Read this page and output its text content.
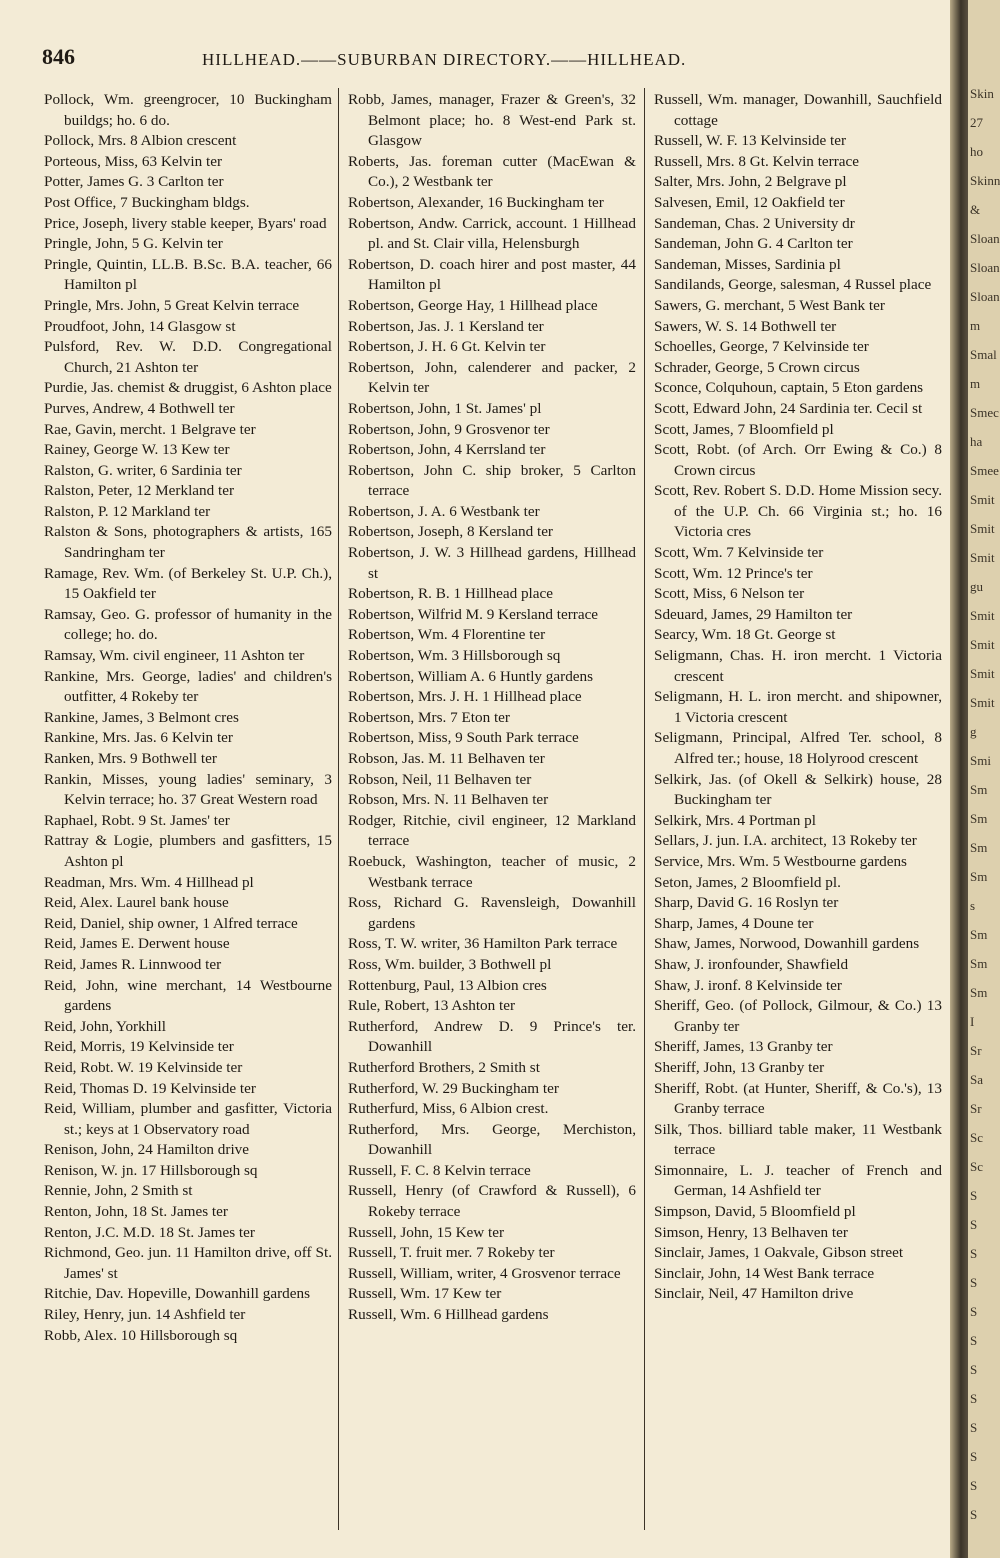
846	HILLHEAD.——SUBURBAN DIRECTORY.——HILLHEAD.
Pollock, Wm. greengrocer, 10 Buckingham buildgs; ho. 6 do.
Pollock, Mrs. 8 Albion crescent
Porteous, Miss, 63 Kelvin ter
Potter, James G. 3 Carlton ter
Post Office, 7 Buckingham bldgs.
Price, Joseph, livery stable keeper, Byars' road
Pringle, John, 5 G. Kelvin ter
Pringle, Quintin, LL.B. B.Sc. B.A. teacher, 66 Hamilton pl
Pringle, Mrs. John, 5 Great Kelvin terrace
Proudfoot, John, 14 Glasgow st
Pulsford, Rev. W. D.D. Congregational Church, 21 Ashton ter
Purdie, Jas. chemist & druggist, 6 Ashton place
Purves, Andrew, 4 Bothwell ter
Rae, Gavin, mercht. 1 Belgrave ter
Rainey, George W. 13 Kew ter
Ralston, G. writer, 6 Sardinia ter
Ralston, Peter, 12 Merkland ter
Ralston, P. 12 Markland ter
Ralston & Sons, photographers & artists, 165 Sandringham ter
Ramage, Rev. Wm. (of Berkeley St. U.P. Ch.), 15 Oakfield ter
Ramsay, Geo. G. professor of humanity in the college; ho. do.
Ramsay, Wm. civil engineer, 11 Ashton ter
Rankine, Mrs. George, ladies' and children's outfitter, 4 Rokeby ter
Rankine, James, 3 Belmont cres
Rankine, Mrs. Jas. 6 Kelvin ter
Ranken, Mrs. 9 Bothwell ter
Rankin, Misses, young ladies' seminary, 3 Kelvin terrace; ho. 37 Great Western road
Raphael, Robt. 9 St. James' ter
Rattray & Logie, plumbers and gasfitters, 15 Ashton pl
Readman, Mrs. Wm. 4 Hillhead pl
Reid, Alex. Laurel bank house
Reid, Daniel, ship owner, 1 Alfred terrace
Reid, James E. Derwent house
Reid, James R. Linnwood ter
Reid, John, wine merchant, 14 Westbourne gardens
Reid, John, Yorkhill
Reid, Morris, 19 Kelvinside ter
Reid, Robt. W. 19 Kelvinside ter
Reid, Thomas D. 19 Kelvinside ter
Reid, William, plumber and gasfitter, Victoria st.; keys at 1 Observatory road
Renison, John, 24 Hamilton drive
Renison, W. jn. 17 Hillsborough sq
Rennie, John, 2 Smith st
Renton, John, 18 St. James ter
Renton, J.C. M.D. 18 St. James ter
Richmond, Geo. jun. 11 Hamilton drive, off St. James' st
Ritchie, Dav. Hopeville, Dowanhill gardens
Riley, Henry, jun. 14 Ashfield ter
Robb, Alex. 10 Hillsborough sq
Robb, James, manager, Frazer & Green's, 32 Belmont place; ho. 8 West-end Park st. Glasgow
Roberts, Jas. foreman cutter (MacEwan & Co.), 2 Westbank ter
Robertson, Alexander, 16 Buckingham ter
Robertson, Andw. Carrick, account. 1 Hillhead pl. and St. Clair villa, Helensburgh
Robertson, D. coach hirer and post master, 44 Hamilton pl
Robertson, George Hay, 1 Hillhead place
Robertson, Jas. J. 1 Kersland ter
Robertson, J. H. 6 Gt. Kelvin ter
Robertson, John, calenderer and packer, 2 Kelvin ter
Robertson, John, 1 St. James' pl
Robertson, John, 9 Grosvenor ter
Robertson, John, 4 Kerrsland ter
Robertson, John C. ship broker, 5 Carlton terrace
Robertson, J. A. 6 Westbank ter
Robertson, Joseph, 8 Kersland ter
Robertson, J. W. 3 Hillhead gardens, Hillhead st
Robertson, R. B. 1 Hillhead place
Robertson, Wilfrid M. 9 Kersland terrace
Robertson, Wm. 4 Florentine ter
Robertson, Wm. 3 Hillsborough sq
Robertson, William A. 6 Huntly gardens
Robertson, Mrs. J. H. 1 Hillhead place
Robertson, Mrs. 7 Eton ter
Robertson, Miss, 9 South Park terrace
Robson, Jas. M. 11 Belhaven ter
Robson, Neil, 11 Belhaven ter
Robson, Mrs. N. 11 Belhaven ter
Rodger, Ritchie, civil engineer, 12 Markland terrace
Roebuck, Washington, teacher of music, 2 Westbank terrace
Ross, Richard G. Ravensleigh, Dowanhill gardens
Ross, T. W. writer, 36 Hamilton Park terrace
Ross, Wm. builder, 3 Bothwell pl
Rottenburg, Paul, 13 Albion cres
Rule, Robert, 13 Ashton ter
Rutherford, Andrew D. 9 Prince's ter. Dowanhill
Rutherford Brothers, 2 Smith st
Rutherford, W. 29 Buckingham ter
Rutherfurd, Miss, 6 Albion crest.
Rutherford, Mrs. George, Merchiston, Dowanhill
Russell, F. C. 8 Kelvin terrace
Russell, Henry (of Crawford & Russell), 6 Rokeby terrace
Russell, John, 15 Kew ter
Russell, T. fruit mer. 7 Rokeby ter
Russell, William, writer, 4 Grosvenor terrace
Russell, Wm. 17 Kew ter
Russell, Wm. 6 Hillhead gardens
Russell, Wm. manager, Dowanhill, Sauchfield cottage
Russell, W. F. 13 Kelvinside ter
Russell, Mrs. 8 Gt. Kelvin terrace
Salter, Mrs. John, 2 Belgrave pl
Salvesen, Emil, 12 Oakfield ter
Sandeman, Chas. 2 University dr
Sandeman, John G. 4 Carlton ter
Sandeman, Misses, Sardinia pl
Sandilands, George, salesman, 4 Russel place
Sawers, G. merchant, 5 West Bank ter
Sawers, W. S. 14 Bothwell ter
Schoelles, George, 7 Kelvinside ter
Schrader, George, 5 Crown circus
Sconce, Colquhoun, captain, 5 Eton gardens
Scott, Edward John, 24 Sardinia ter. Cecil st
Scott, James, 7 Bloomfield pl
Scott, Robt. (of Arch. Orr Ewing & Co.) 8 Crown circus
Scott, Rev. Robert S. D.D. Home Mission secy. of the U.P. Ch. 66 Virginia st.; ho. 16 Victoria cres
Scott, Wm. 7 Kelvinside ter
Scott, Wm. 12 Prince's ter
Scott, Miss, 6 Nelson ter
Sdeuard, James, 29 Hamilton ter
Searcy, Wm. 18 Gt. George st
Seligmann, Chas. H. iron mercht. 1 Victoria crescent
Seligmann, H. L. iron mercht. and shipowner, 1 Victoria crescent
Seligmann, Principal, Alfred Ter. school, 8 Alfred ter.; house, 18 Holyrood crescent
Selkirk, Jas. (of Okell & Selkirk) house, 28 Buckingham ter
Selkirk, Mrs. 4 Portman pl
Sellars, J. jun. I.A. architect, 13 Rokeby ter
Service, Mrs. Wm. 5 Westbourne gardens
Seton, James, 2 Bloomfield pl.
Sharp, David G. 16 Roslyn ter
Sharp, James, 4 Doune ter
Shaw, James, Norwood, Dowanhill gardens
Shaw, J. ironfounder, Shawfield
Shaw, J. ironf. 8 Kelvinside ter
Sheriff, Geo. (of Pollock, Gilmour, & Co.) 13 Granby ter
Sheriff, James, 13 Granby ter
Sheriff, John, 13 Granby ter
Sheriff, Robt. (at Hunter, Sheriff, & Co.'s), 13 Granby terrace
Silk, Thos. billiard table maker, 11 Westbank terrace
Simonnaire, L. J. teacher of French and German, 14 Ashfield ter
Simpson, David, 5 Bloomfield pl
Simson, Henry, 13 Belhaven ter
Sinclair, James, 1 Oakvale, Gibson street
Sinclair, John, 14 West Bank terrace
Sinclair, Neil, 47 Hamilton drive
Skin
27
ho
Skinn
&
Sloan
Sloan
Sloan
m
Smal
m
Smec
ha
Smee
Smit
Smit
Smit
gu
Smit
Smit
Smit
Smit
g
Smi
Sm
Sm
Sm
Sm
s
Sm
Sm
Sm
I
Sr
Sa
Sr
Sc
Sc
S
S
S
S
S
S
S
S
S
S
S
S
